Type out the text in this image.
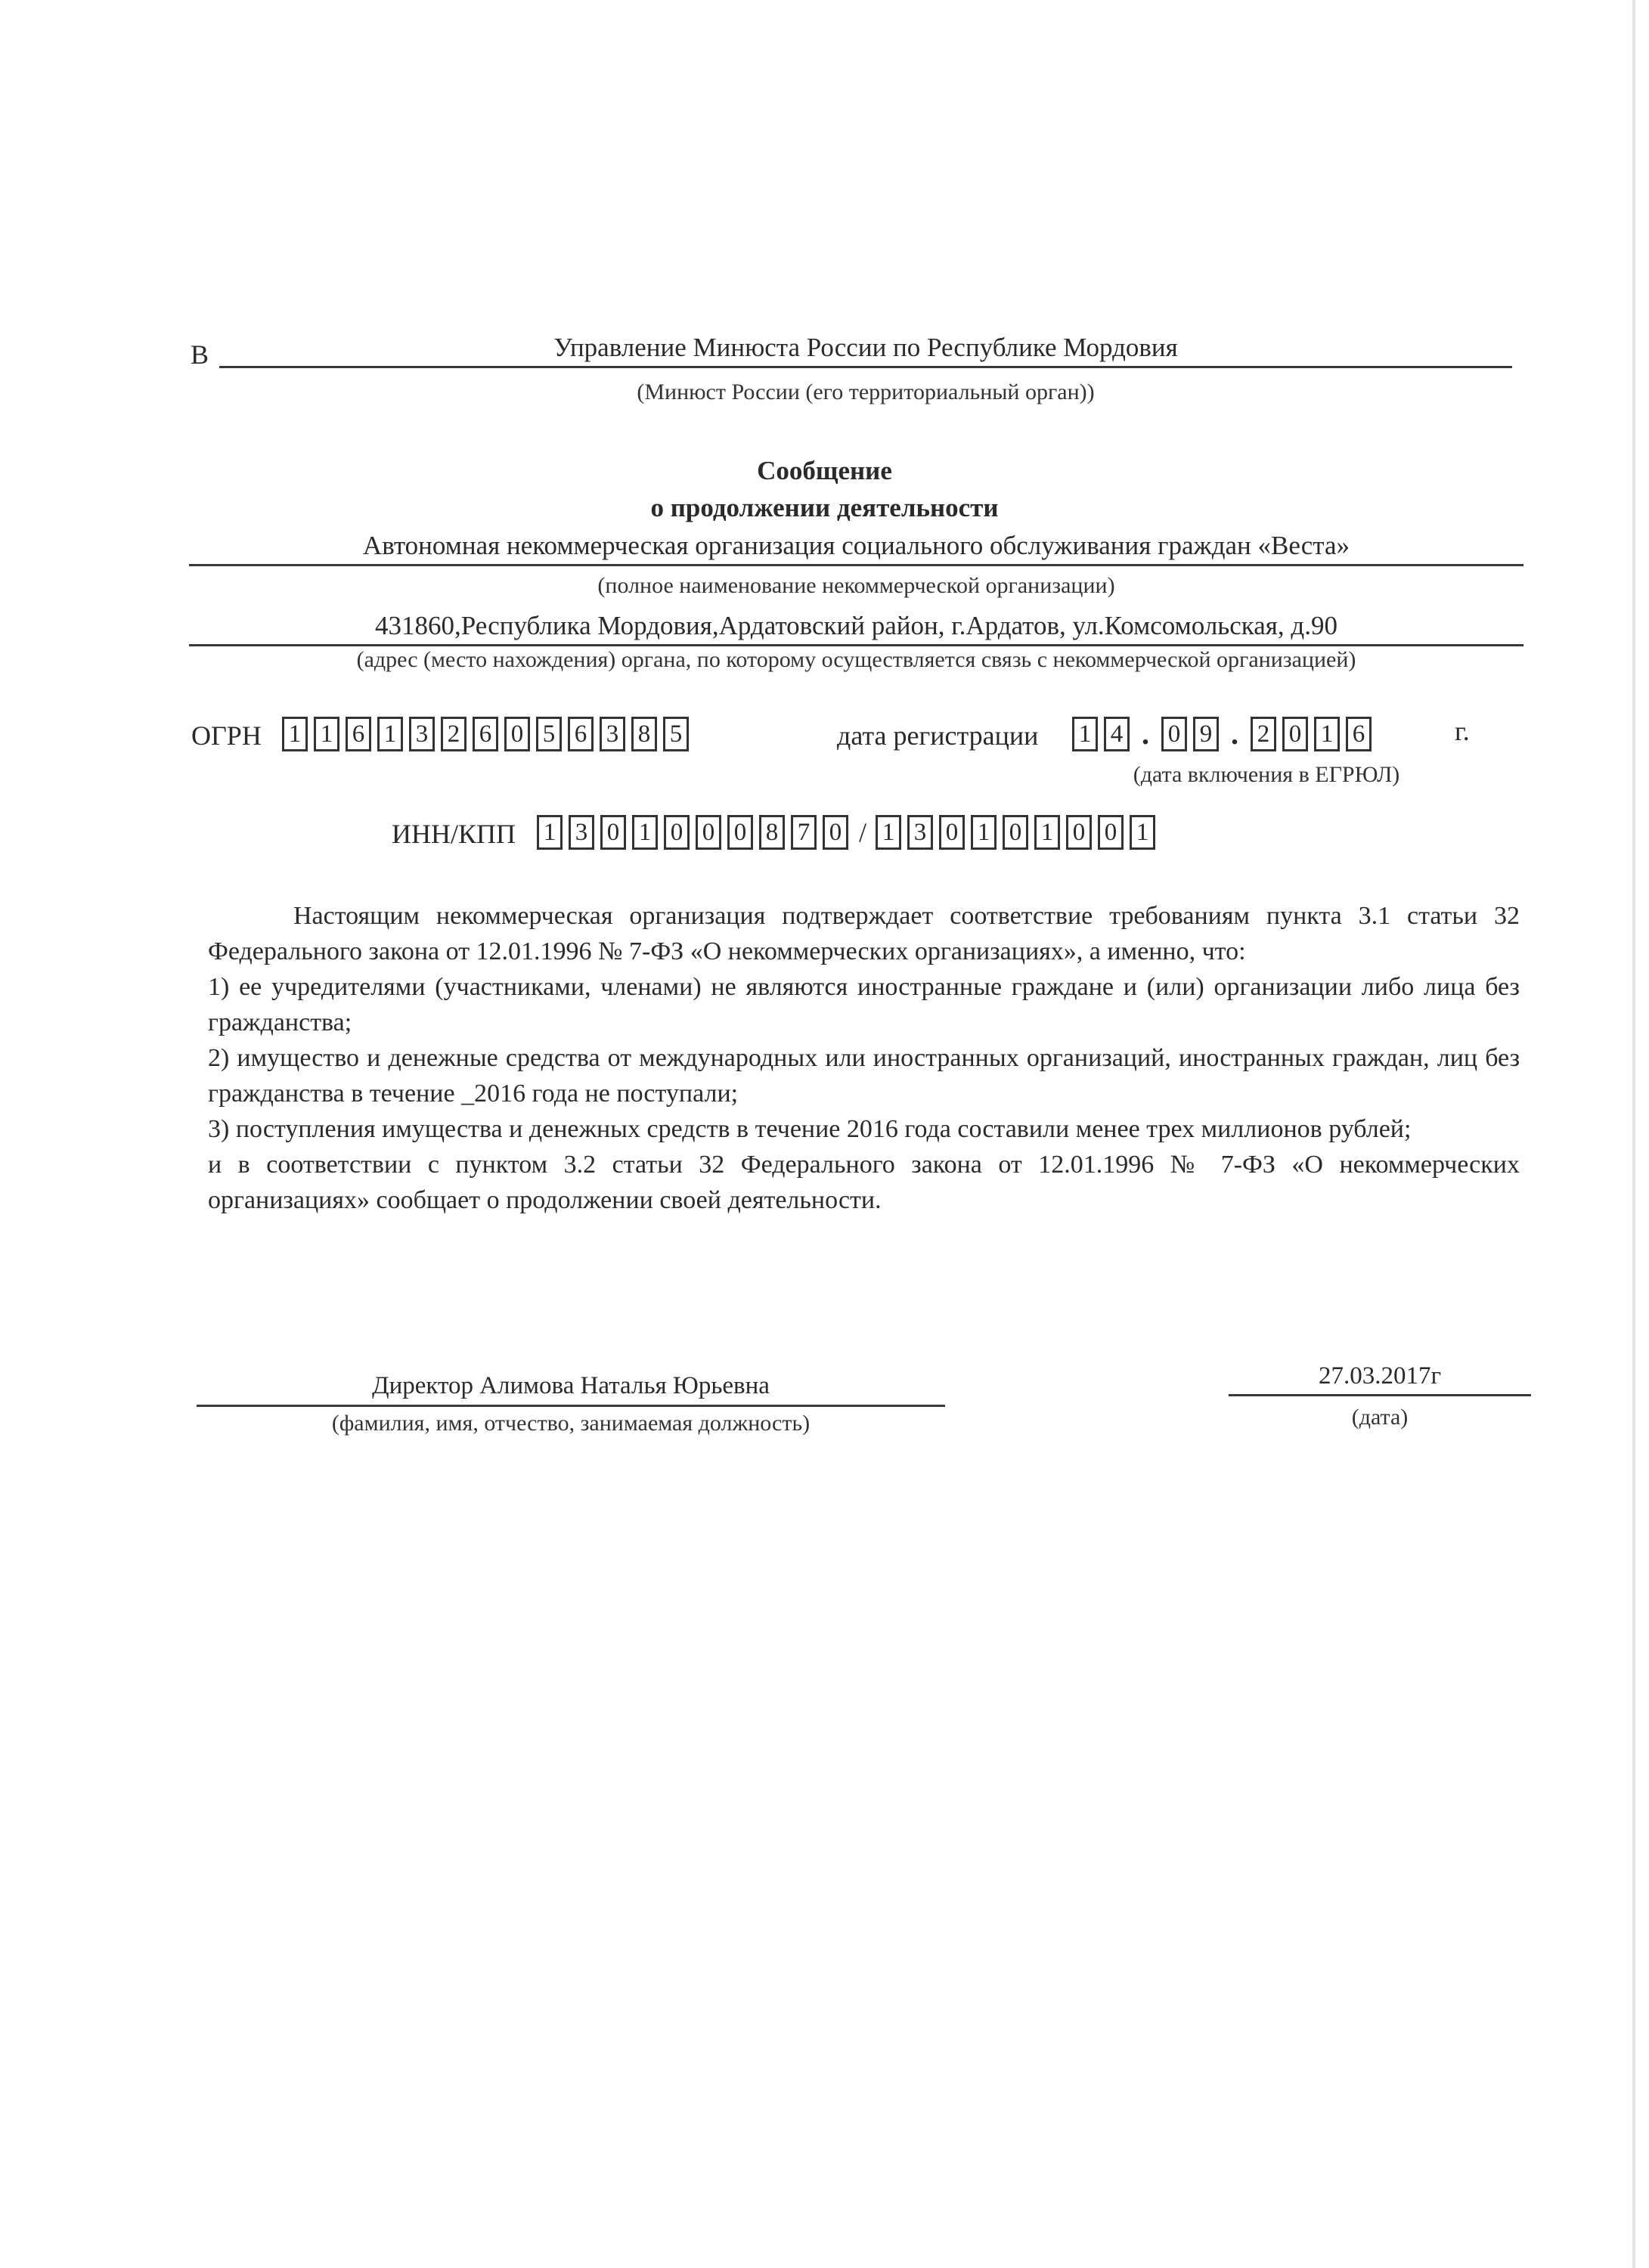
В	Управление Минюста России по Республике Мордовия
(Минюст России (его территориальный орган))
Сообщение
о продолжении деятельности
Автономная некоммерческая организация социального обслуживания граждан «Веста»
(полное наименование некоммерческой организации)
431860,Республика Мордовия,Ардатовский район, г.Ардатов, ул.Комсомольская, д.90
(адрес (место нахождения) органа, по которому осуществляется связь с некоммерческой организацией)
ОГРН 1 1 6 1 3 2 6 0 5 6 3 8 5	дата регистрации 1 4 . 0 9 . 2 0 1 6	г.
(дата включения в ЕГРЮЛ)
ИНН/КПП 1 3 0 1 0 0 0 8 7 0 / 1 3 0 1 0 1 0 0 1

Настоящим некоммерческая организация подтверждает соответствие требованиям пункта 3.1 статьи 32 Федерального закона от 12.01.1996 № 7-ФЗ «О некоммерческих организациях», а именно, что:

1) ее учредителями (участниками, членами) не являются иностранные граждане и (или) организации либо лица без гражданства;

2) имущество и денежные средства от международных или иностранных организаций, иностранных граждан, лиц без гражданства в течение _2016 года не поступали;

3) поступления имущества и денежных средств в течение 2016 года составили менее трех миллионов рублей;

и в соответствии с пунктом 3.2 статьи 32 Федерального закона от 12.01.1996 № 7-ФЗ «О некоммерческих организациях» сообщает о продолжении своей деятельности.

Директор Алимова Наталья Юрьевна
(фамилия, имя, отчество, занимаемая должность)
27.03.2017г
(дата)
